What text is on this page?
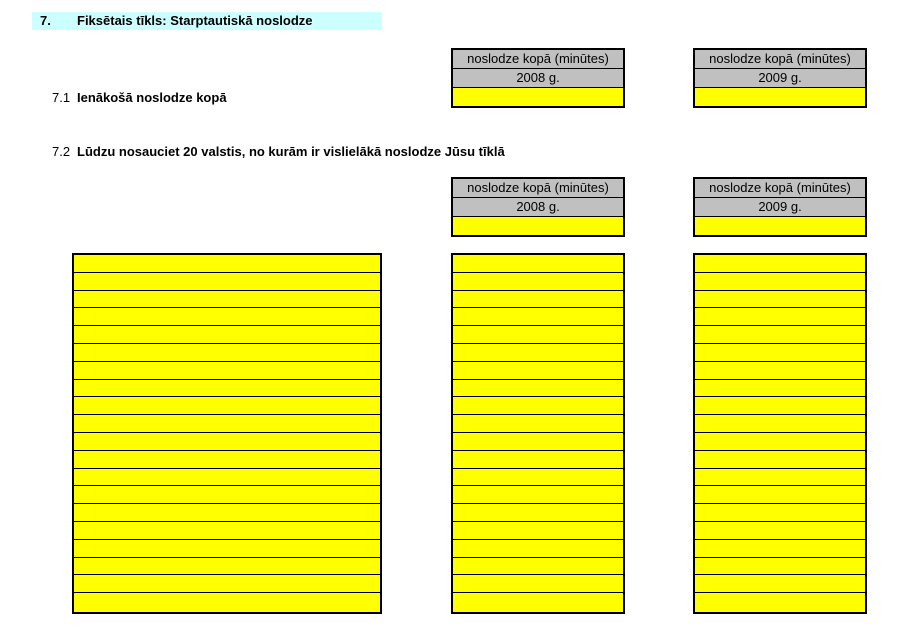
7. Fiksētais tīkls: Starptautiskā noslodze
noslodze kopā (minūtes)
2008 g.
noslodze kopā (minūtes)
2009 g.
7.1 Ienākošā noslodze kopā
7.2 Lūdzu nosauciet 20 valstis, no kurām ir vislielākā noslodze Jūsu tīklā
noslodze kopā (minūtes)
2008 g.
noslodze kopā (minūtes)
2009 g.
